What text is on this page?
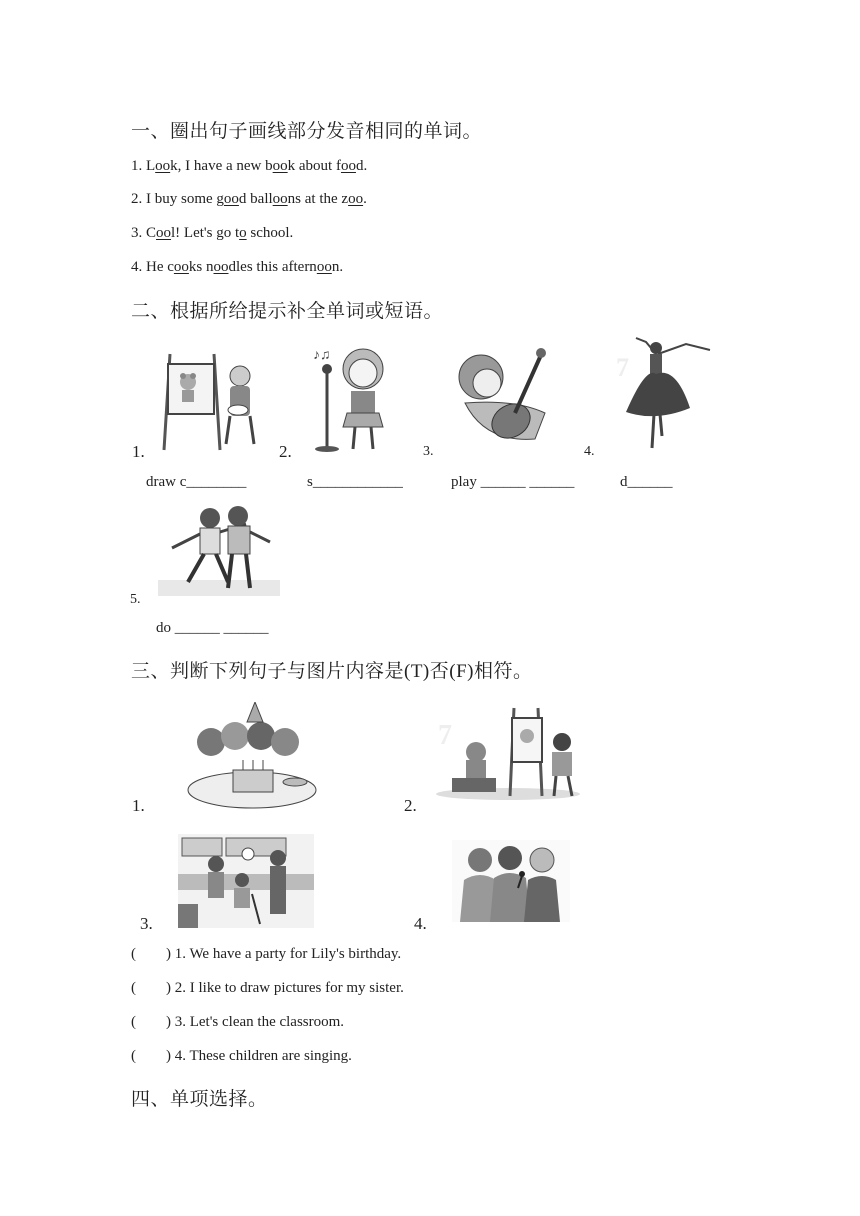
一、圈出句子画线部分发音相同的单词。
1. Look, I have a new book about food.
2. I buy some good balloons at the zoo.
3. Cool! Let's go to school.
4. He cooks noodles this afternoon.
二、根据所给提示补全单词或短语。
♪♫	7
1.	2.	3.	4.
draw c________	s____________	play ______ ______	d______
5.
do ______ ______
三、判断下列句子与图片内容是(T)否(F)相符。
7
1.	2.
3.	4.
(        ) 1. We have a party for Lily's birthday.
(        ) 2. I like to draw pictures for my sister.
(        ) 3. Let's clean the classroom.
(        ) 4. These children are singing.
四、单项选择。
